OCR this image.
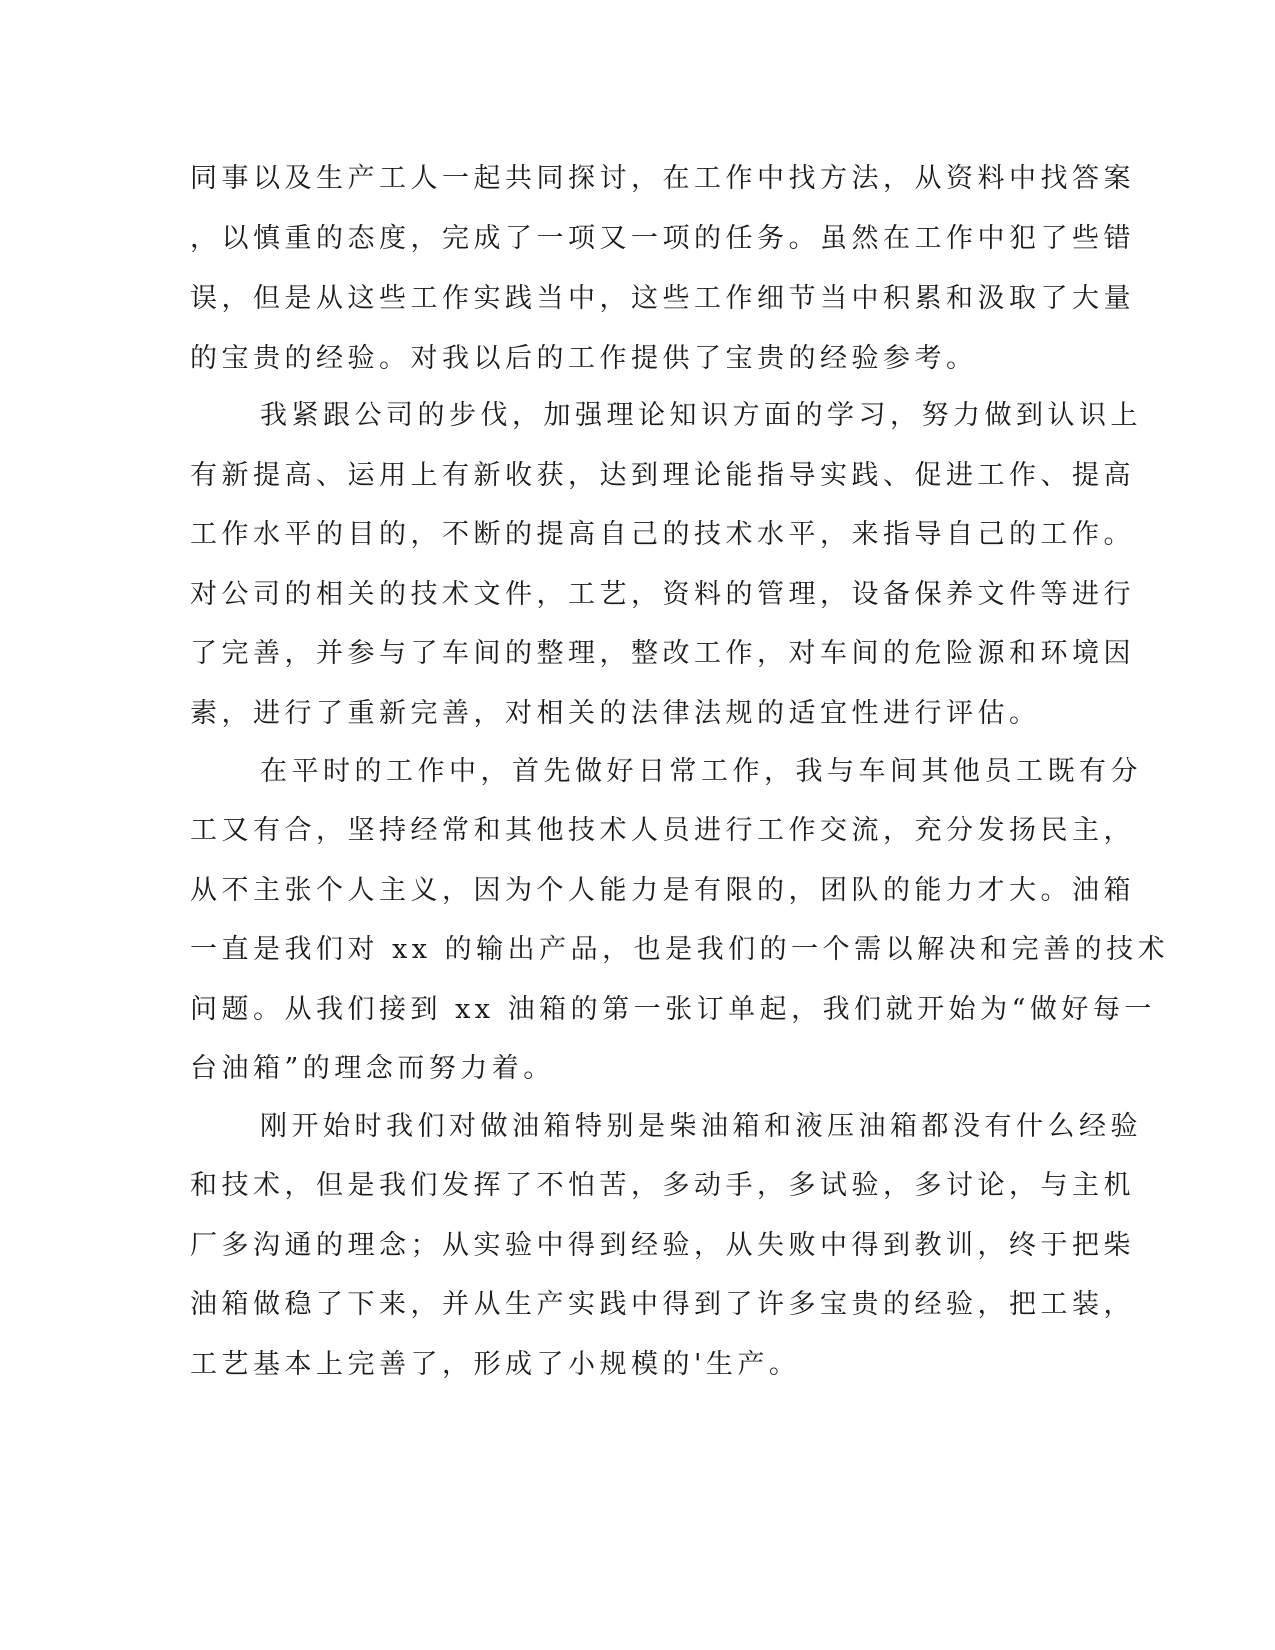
同事以及生产工人一起共同探讨，在工作中找方法，从资料中找答案
，以慎重的态度，完成了一项又一项的任务。虽然在工作中犯了些错
误，但是从这些工作实践当中，这些工作细节当中积累和汲取了大量
的宝贵的经验。对我以后的工作提供了宝贵的经验参考。
我紧跟公司的步伐，加强理论知识方面的学习，努力做到认识上
有新提高、运用上有新收获，达到理论能指导实践、促进工作、提高
工作水平的目的，不断的提高自己的技术水平，来指导自己的工作。
对公司的相关的技术文件，工艺，资料的管理，设备保养文件等进行
了完善，并参与了车间的整理，整改工作，对车间的危险源和环境因
素，进行了重新完善，对相关的法律法规的适宜性进行评估。
在平时的工作中，首先做好日常工作，我与车间其他员工既有分
工又有合，坚持经常和其他技术人员进行工作交流，充分发扬民主，
从不主张个人主义，因为个人能力是有限的，团队的能力才大。油箱
一直是我们对 xx 的输出产品，也是我们的一个需以解决和完善的技术
问题。从我们接到 xx 油箱的第一张订单起，我们就开始为“做好每一
台油箱”的理念而努力着。
刚开始时我们对做油箱特别是柴油箱和液压油箱都没有什么经验
和技术，但是我们发挥了不怕苦，多动手，多试验，多讨论，与主机
厂多沟通的理念；从实验中得到经验，从失败中得到教训，终于把柴
油箱做稳了下来，并从生产实践中得到了许多宝贵的经验，把工装，
工艺基本上完善了，形成了小规模的'生产。
